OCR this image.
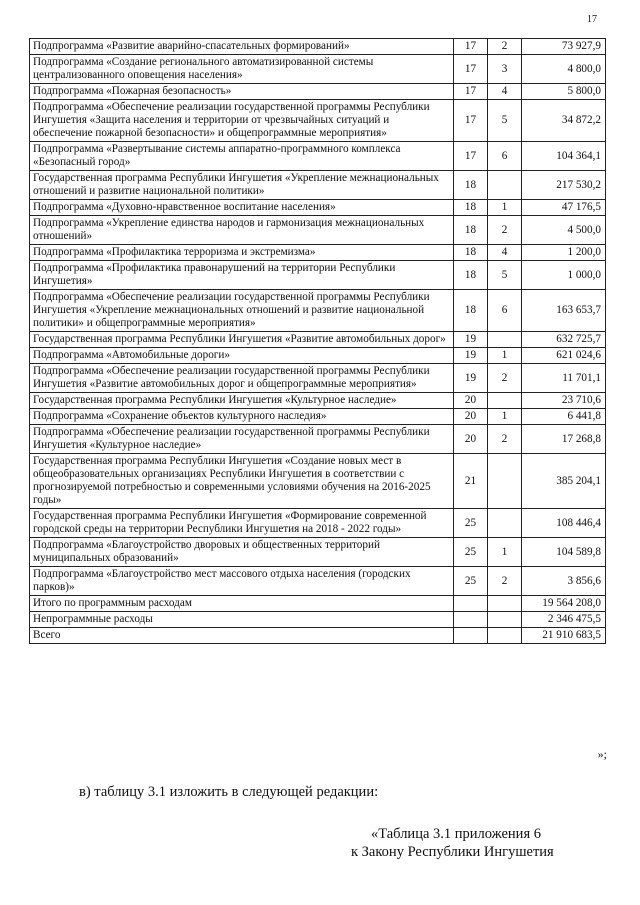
17
Подпрограмма «Развитие аварийно-спасательных формирований»	17	2	73 927,9
Подпрограмма «Создание регионального автоматизированной системы централизованного оповещения населения»	17	3	4 800,0
Подпрограмма «Пожарная безопасность»	17	4	5 800,0
Подпрограмма «Обеспечение реализации государственной программы Республики Ингушетия «Защита населения и территории от чрезвычайных ситуаций и обеспечение пожарной безопасности» и общепрограммные мероприятия»	17	5	34 872,2
Подпрограмма «Развертывание системы аппаратно-программного комплекса «Безопасный город»	17	6	104 364,1
Государственная программа Республики Ингушетия «Укрепление межнациональных отношений и развитие национальной политики»	18		217 530,2
Подпрограмма «Духовно-нравственное воспитание населения»	18	1	47 176,5
Подпрограмма «Укрепление единства народов и гармонизация межнациональных отношений»	18	2	4 500,0
Подпрограмма «Профилактика терроризма и экстремизма»	18	4	1 200,0
Подпрограмма «Профилактика правонарушений на территории Республики Ингушетия»	18	5	1 000,0
Подпрограмма «Обеспечение реализации государственной программы Республики Ингушетия «Укрепление межнациональных отношений и развитие национальной политики» и общепрограммные мероприятия»	18	6	163 653,7
Государственная программа Республики Ингушетия «Развитие автомобильных дорог»	19		632 725,7
Подпрограмма «Автомобильные дороги»	19	1	621 024,6
Подпрограмма «Обеспечение реализации государственной программы Республики Ингушетия «Развитие автомобильных дорог и общепрограммные мероприятия»	19	2	11 701,1
Государственная программа Республики Ингушетия «Культурное наследие»	20		23 710,6
Подпрограмма «Сохранение объектов культурного наследия»	20	1	6 441,8
Подпрограмма «Обеспечение реализации государственной программы Республики Ингушетия «Культурное наследие»	20	2	17 268,8
Государственная программа Республики Ингушетия «Создание новых мест в общеобразовательных организациях Республики Ингушетия в соответствии с прогнозируемой потребностью и современными условиями обучения на 2016-2025 годы»	21		385 204,1
Государственная программа Республики Ингушетия «Формирование современной городской среды на территории Республики Ингушетия на 2018 - 2022 годы»	25		108 446,4
Подпрограмма «Благоустройство дворовых и общественных территорий муниципальных образований»	25	1	104 589,8
Подпрограмма «Благоустройство мест массового отдыха населения (городских парков)»	25	2	3 856,6
Итого по программным расходам			19 564 208,0
Непрограммные расходы			2 346 475,5
Всего			21 910 683,5
»;
в) таблицу 3.1 изложить в следующей редакции:
«Таблица 3.1 приложения 6
к Закону Республики Ингушетия
